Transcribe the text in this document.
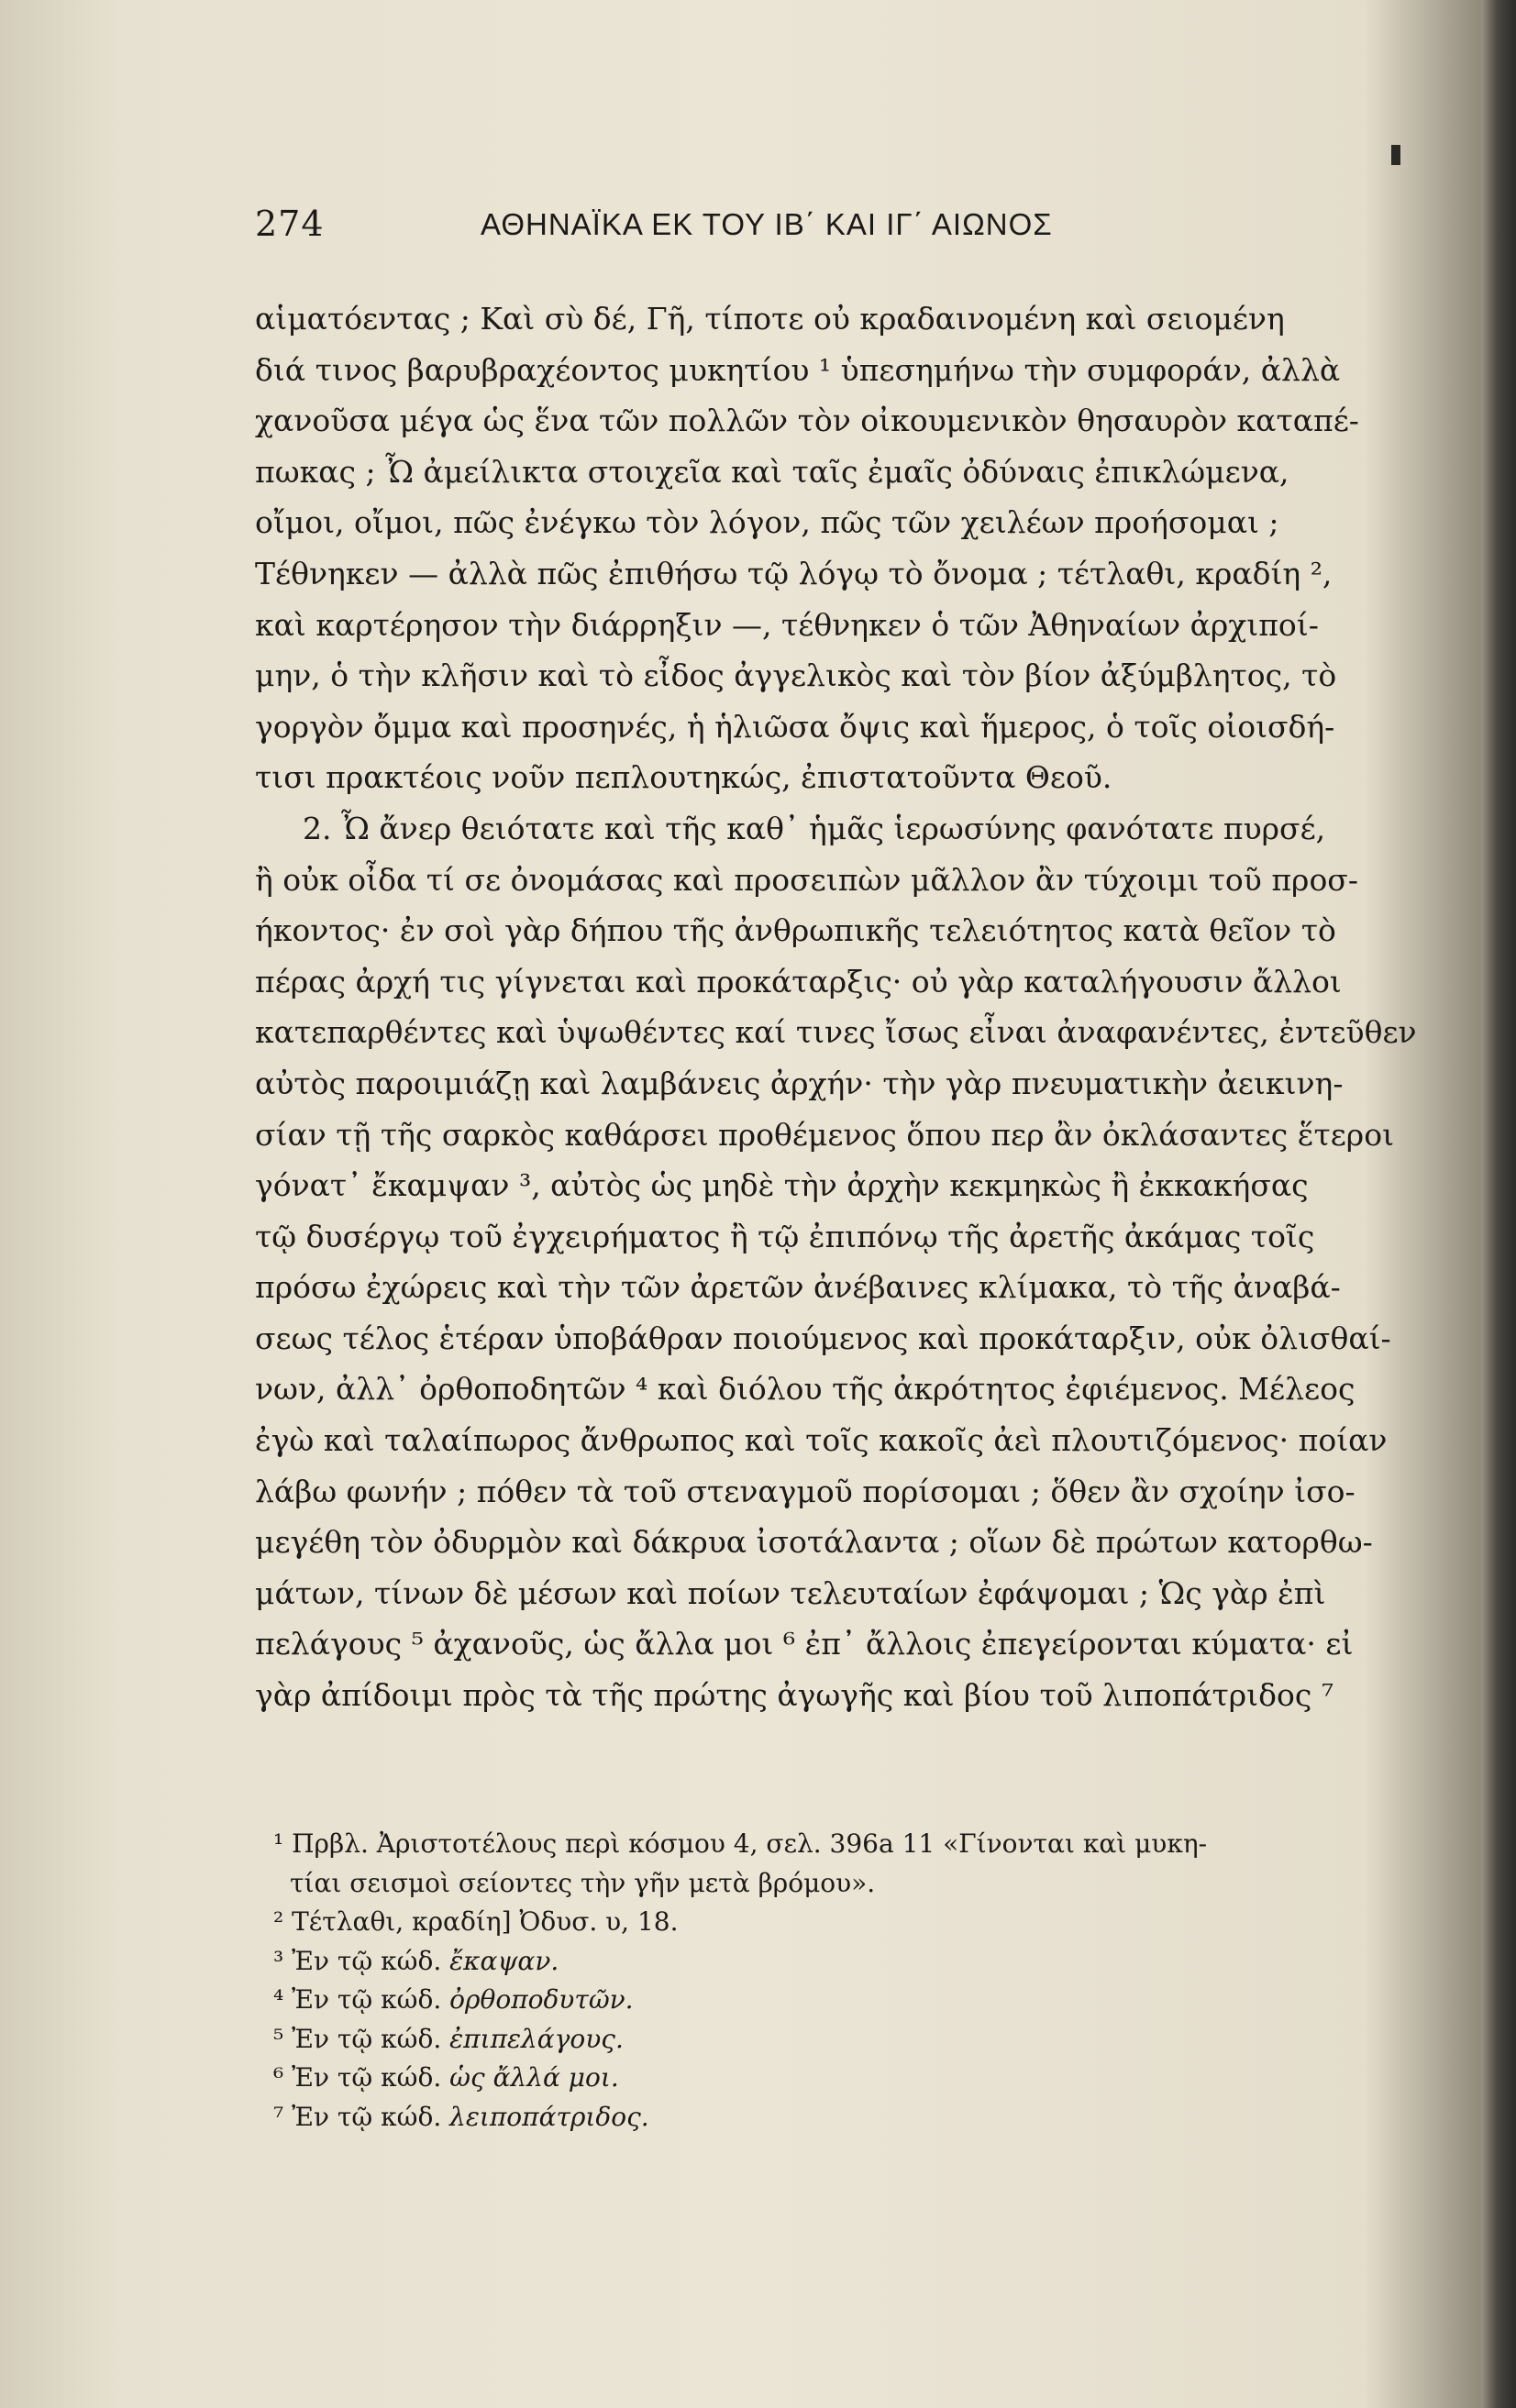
274	ΑΘΗΝΑΪΚΑ ΕΚ ΤΟΥ ΙΒ΄ ΚΑΙ ΙΓ΄ ΑΙΩΝΟΣ
αἱματόεντας ; Καὶ σὺ δέ, Γῆ, τίποτε οὐ κραδαινομένη καὶ σειομένη
διά τινος βαρυβραχέοντος μυκητίου ¹ ὑπεσημήνω τὴν συμφοράν, ἀλλὰ
χανοῦσα μέγα ὡς ἕνα τῶν πολλῶν τὸν οἰκουμενικὸν θησαυρὸν καταπέ-
πωκας ; Ὦ ἀμείλικτα στοιχεῖα καὶ ταῖς ἐμαῖς ὀδύναις ἐπικλώμενα,
οἴμοι, οἴμοι, πῶς ἐνέγκω τὸν λόγον, πῶς τῶν χειλέων προήσομαι ;
Τέθνηκεν — ἀλλὰ πῶς ἐπιθήσω τῷ λόγῳ τὸ ὄνομα ; τέτλαθι, κραδίη ²,
καὶ καρτέρησον τὴν διάρρηξιν —, τέθνηκεν ὁ τῶν Ἀθηναίων ἀρχιποί-
μην, ὁ τὴν κλῆσιν καὶ τὸ εἶδος ἀγγελικὸς καὶ τὸν βίον ἀξύμβλητος, τὸ
γοργὸν ὄμμα καὶ προσηνές, ἡ ἡλιῶσα ὄψις καὶ ἥμερος, ὁ τοῖς οἰοισδή-
τισι πρακτέοις νοῦν πεπλουτηκώς, ἐπιστατοῦντα Θεοῦ.
2. Ὦ ἄνερ θειότατε καὶ τῆς καθ᾽ ἡμᾶς ἱερωσύνης φανότατε πυρσέ,
ἢ οὐκ οἶδα τί σε ὀνομάσας καὶ προσειπὼν μᾶλλον ἂν τύχοιμι τοῦ προσ-
ήκοντος· ἐν σοὶ γὰρ δήπου τῆς ἀνθρωπικῆς τελειότητος κατὰ θεῖον τὸ
πέρας ἀρχή τις γίγνεται καὶ προκάταρξις· οὐ γὰρ καταλήγουσιν ἄλλοι
κατεπαρθέντες καὶ ὑψωθέντες καί τινες ἴσως εἶναι ἀναφανέντες, ἐντεῦθεν
αὐτὸς παροιμιάζῃ καὶ λαμβάνεις ἀρχήν· τὴν γὰρ πνευματικὴν ἀεικινη-
σίαν τῇ τῆς σαρκὸς καθάρσει προθέμενος ὅπου περ ἂν ὀκλάσαντες ἕτεροι
γόνατ᾽ ἔκαμψαν ³, αὐτὸς ὡς μηδὲ τὴν ἀρχὴν κεκμηκὼς ἢ ἐκκακήσας
τῷ δυσέργῳ τοῦ ἐγχειρήματος ἢ τῷ ἐπιπόνῳ τῆς ἀρετῆς ἀκάμας τοῖς
πρόσω ἐχώρεις καὶ τὴν τῶν ἀρετῶν ἀνέβαινες κλίμακα, τὸ τῆς ἀναβά-
σεως τέλος ἑτέραν ὑποβάθραν ποιούμενος καὶ προκάταρξιν, οὐκ ὀλισθαί-
νων, ἀλλ᾽ ὀρθοποδητῶν ⁴ καὶ διόλου τῆς ἀκρότητος ἐφιέμενος. Μέλεος
ἐγὼ καὶ ταλαίπωρος ἄνθρωπος καὶ τοῖς κακοῖς ἀεὶ πλουτιζόμενος· ποίαν
λάβω φωνήν ; πόθεν τὰ τοῦ στεναγμοῦ πορίσομαι ; ὅθεν ἂν σχοίην ἰσο-
μεγέθη τὸν ὀδυρμὸν καὶ δάκρυα ἰσοτάλαντα ; οἵων δὲ πρώτων κατορθω-
μάτων, τίνων δὲ μέσων καὶ ποίων τελευταίων ἐφάψομαι ; Ὡς γὰρ ἐπὶ
πελάγους ⁵ ἀχανοῦς, ὡς ἄλλα μοι ⁶ ἐπ᾽ ἄλλοις ἐπεγείρονται κύματα· εἰ
γὰρ ἀπίδοιμι πρὸς τὰ τῆς πρώτης ἀγωγῆς καὶ βίου τοῦ λιποπάτριδος ⁷
¹ Πρβλ. Ἀριστοτέλους περὶ κόσμου 4, σελ. 396a 11 «Γίνονται καὶ μυκη-
τίαι σεισμοὶ σείοντες τὴν γῆν μετὰ βρόμου».
² Τέτλαθι, κραδίη] Ὀδυσ. υ, 18.
³ Ἐν τῷ κώδ. ἔκαψαν.
⁴ Ἐν τῷ κώδ. ὀρθοποδυτῶν.
⁵ Ἐν τῷ κώδ. ἐπιπελάγους.
⁶ Ἐν τῷ κώδ. ὡς ἄλλά μοι.
⁷ Ἐν τῷ κώδ. λειποπάτριδος.
